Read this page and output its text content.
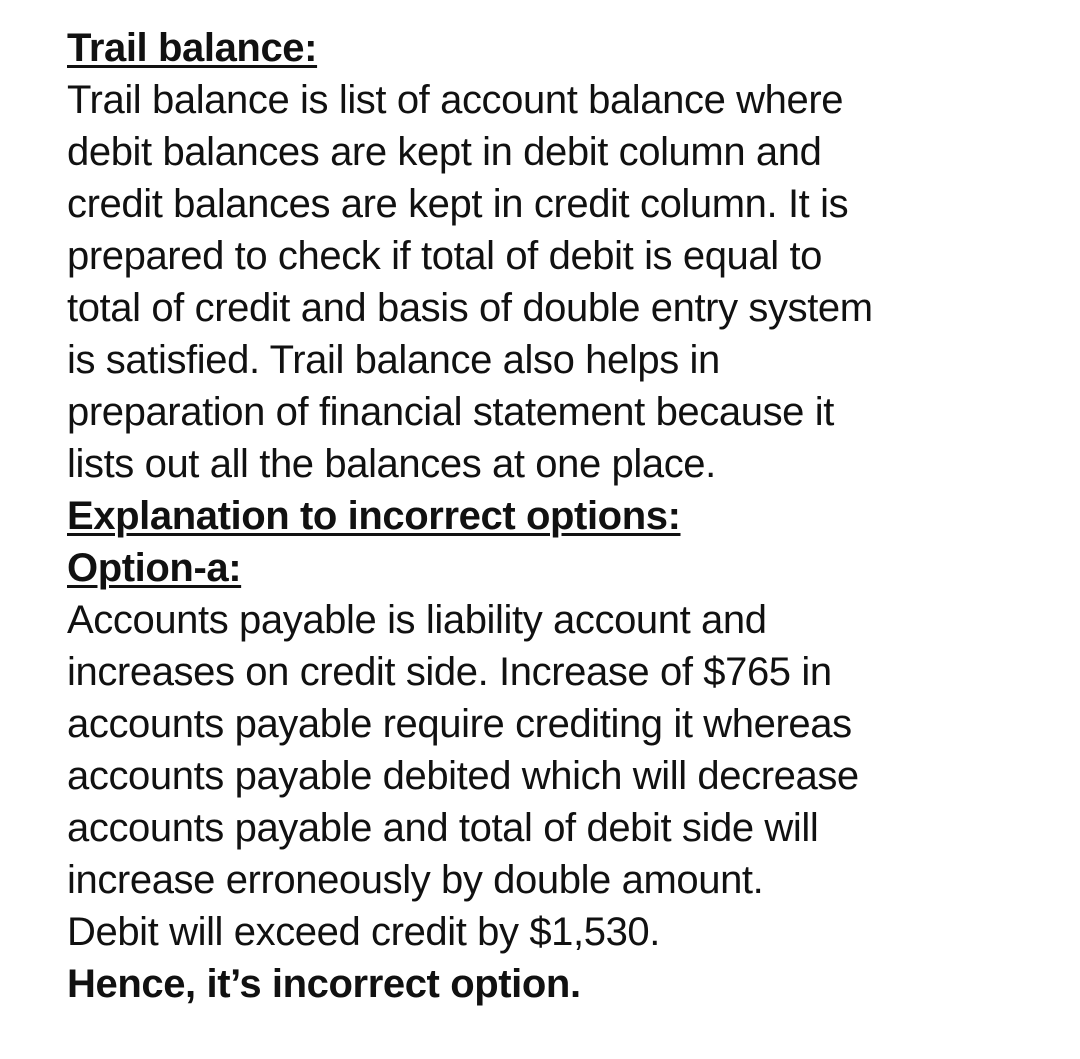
Trail balance:
Trail balance is list of account balance where
debit balances are kept in debit column and
credit balances are kept in credit column. It is
prepared to check if total of debit is equal to
total of credit and basis of double entry system
is satisfied. Trail balance also helps in
preparation of financial statement because it
lists out all the balances at one place.
Explanation to incorrect options:
Option-a:
Accounts payable is liability account and
increases on credit side. Increase of $765 in
accounts payable require crediting it whereas
accounts payable debited which will decrease
accounts payable and total of debit side will
increase erroneously by double amount.
Debit will exceed credit by $1,530.
Hence, it’s incorrect option.
